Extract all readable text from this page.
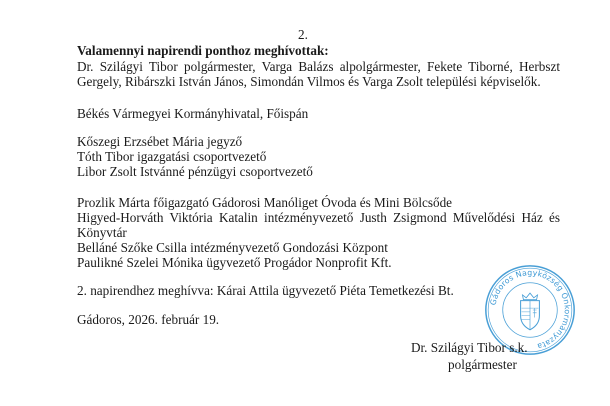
2.
Valamennyi napirendi ponthoz meghívottak:
Dr. Szilágyi Tibor polgármester, Varga Balázs alpolgármester, Fekete Tiborné, Herbszt
Gergely, Ribárszki István János, Simondán Vilmos és Varga Zsolt települési képviselők.
Békés Vármegyei Kormányhivatal, Főispán
Kőszegi Erzsébet Mária jegyző
Tóth Tibor igazgatási csoportvezető
Libor Zsolt Istvánné pénzügyi csoportvezető
Prozlik Márta főigazgató Gádorosi Manóliget Óvoda és Mini Bölcsőde
Higyed-Horváth Viktória Katalin intézményvezető Justh Zsigmond Művelődési Ház és
Könyvtár
Belláné Szőke Csilla intézményvezető Gondozási Központ
Paulikné Szelei Mónika ügyvezető Progádor Nonprofit Kft.
2. napirendhez meghívva: Kárai Attila ügyvezető Piéta Temetkezési Bt.
Gádoros, 2026. február 19.
Gádoros Nagyközség Önkormányzata
Dr. Szilágyi Tibor s.k.
polgármester
